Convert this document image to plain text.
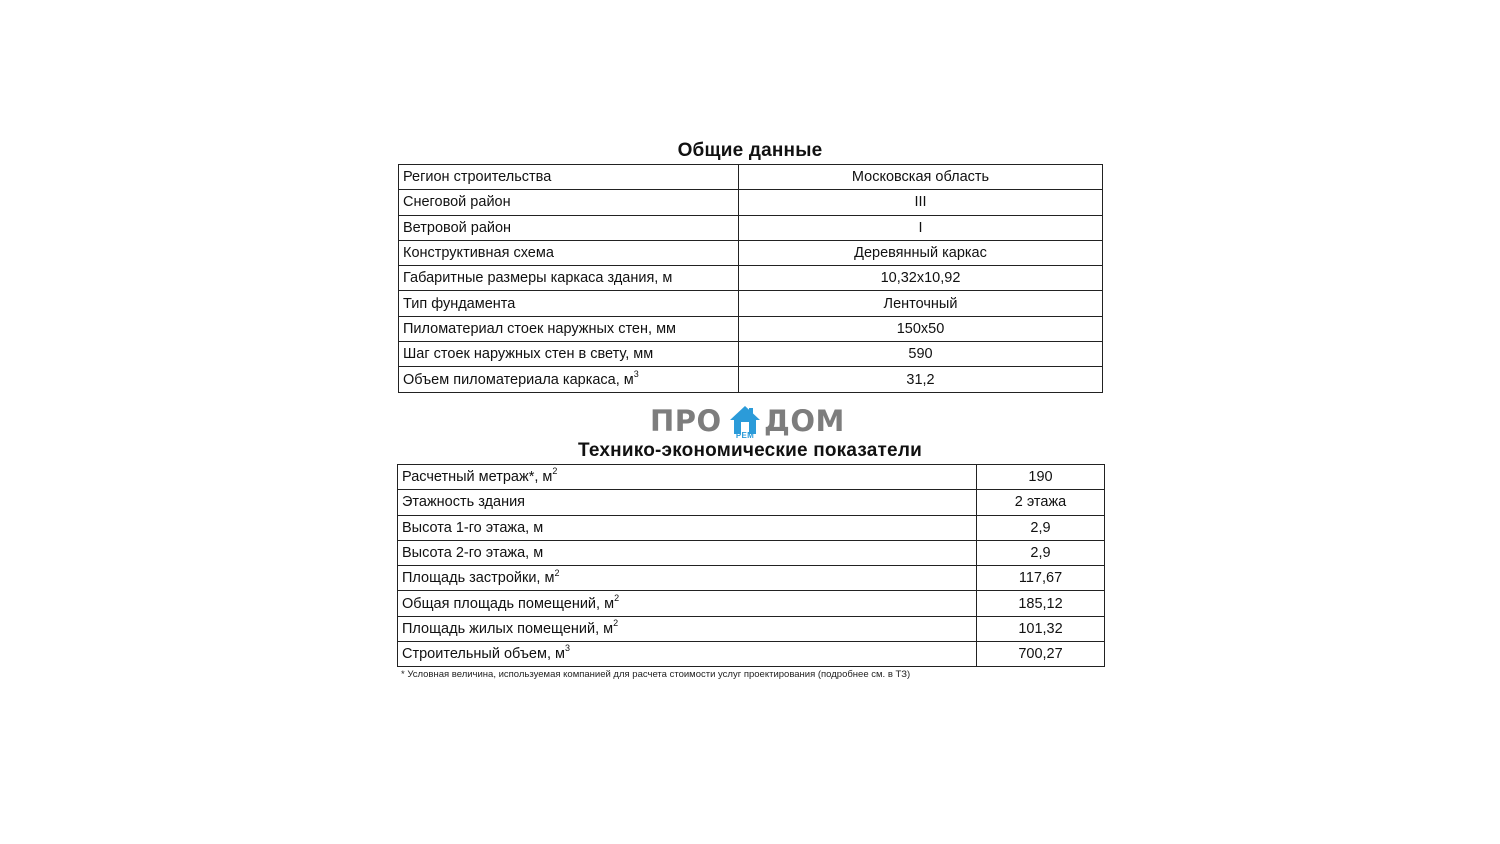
Общие данные
Регион строительства	Московская область
Снеговой район	III
Ветровой район	I
Конструктивная схема	Деревянный каркас
Габаритные размеры каркаса здания, м	10,32х10,92
Тип фундамента	Ленточный
Пиломатериал стоек наружных стен, мм	150х50
Шаг стоек наружных стен в свету, мм	590
Объем пиломатериала каркаса, $м^3$	31,2
ПРО РЕМ ДОМ
Технико-экономические показатели
Расчетный метраж*, $м^2$	190
Этажность здания	2 этажа
Высота 1-го этажа, м	2,9
Высота 2-го этажа, м	2,9
Площадь застройки, $м^2$	117,67
Общая площадь помещений, $м^2$	185,12
Площадь жилых помещений, $м^2$	101,32
Строительный объем, $м^3$	700,27
* Условная величина, используемая компанией для расчета стоимости услуг проектирования (подробнее см. в ТЗ)
